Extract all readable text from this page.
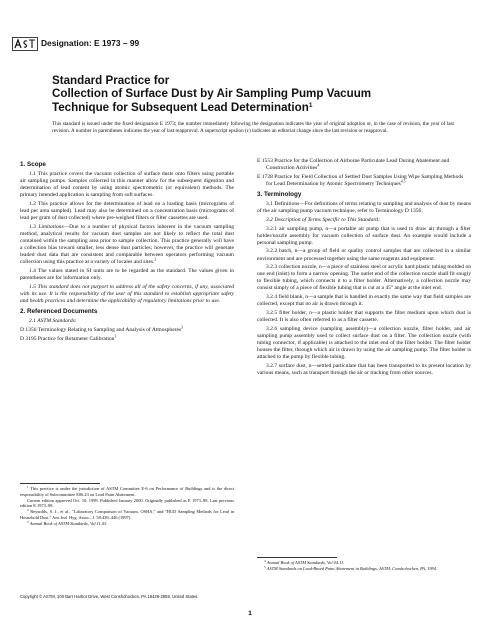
Designation: E 1973 – 99
Standard Practice for
Collection of Surface Dust by Air Sampling Pump Vacuum
Technique for Subsequent Lead Determination$^1$
This standard is issued under the fixed designation E 1973; the number immediately following the designation indicates the year of original adoption or, in the case of revision, the year of last revision. A number in parentheses indicates the year of last reapproval. A superscript epsilon (ε) indicates an editorial change since the last revision or reapproval.
1. Scope

1.1 This practice covers the vacuum collection of surface dusts onto filters using portable air sampling pumps. Samples collected in this manner allow for the subsequent digestion and determination of lead content by using atomic spectrometric (or equivalent) methods. The primary intended application is sampling from soft surfaces.

1.2 This practice allows for the determination of lead on a loading basis (micrograms of lead per area sampled). Lead may also be determined on a concentration basis (micrograms of lead per gram of dust collected) where pre-weighed filters or filter cassettes are used.

1.3 Limitations—Due to a number of physical factors inherent in the vacuum sampling method, analytical results for vacuum dust samples are not likely to reflect the total dust contained within the sampling area prior to sample collection. This practice generally will have a collection bias toward smaller, less dense dust particles; however, the practice will generate leaded dust data that are consistent and comparable between operators performing vacuum collection using this practice at a variety of locales and sites.$^2$

1.4 The values stated in SI units are to be regarded as the standard. The values given in parentheses are for information only.

1.5 This standard does not purport to address all of the safety concerns, if any, associated with its use. It is the responsibility of the user of this standard to establish appropriate safety and health practices and determine the applicability of regulatory limitations prior to use.

2. Referenced Documents

2.1 ASTM Standards:

D 1356 Terminology Relating to Sampling and Analysis of Atmospheres$^3$

D 3195 Practice for Rotameter Calibration$^3$

$^1$ This practice is under the jurisdiction of ASTM Committee E-6 on Performance of Buildings and is the direct responsibility of Subcommittee E06.23 on Lead Paint Abatement.

Current edition approved Oct. 10, 1999. Published January 2000. Originally published as E 1973–98. Last previous edition E 1973–98.

$^2$ Reynolds, S. J., et al., "Laboratory Comparison of Vacuum, OSHA," and "HUD Sampling Methods for Lead in Household Dust." Am. Ind. Hyg. Assoc., J. 58:439–446 (1997).

$^3$ Annual Book of ASTM Standards, Vol 11.03.

E 1553 Practice for the Collection of Airborne Particulate Lead During Abatement and Construction Activities$^4$

E 1728 Practice for Field Collection of Settled Dust Samples Using Wipe Sampling Methods for Lead Determination by Atomic Spectrometry Techniques$^{4,5}$

3. Terminology

3.1 Definitions—For definitions of terms relating to sampling and analysis of dust by means of the air sampling pump vacuum technique, refer to Terminology D 1356.

3.2 Description of Terms Specific to This Standard:

3.2.1 air sampling pump, n—a portable air pump that is used to draw air through a filter holder/nozzle assembly for vacuum collection of surface dust. An example would include a personal sampling pump.

3.2.2 batch, n—a group of field or quality control samples that are collected in a similar environment and are processed together using the same reagents and equipment.

3.2.3 collection nozzle, n—a piece of stainless steel or acrylic hard plastic tubing molded on one end (inlet) to form a narrow opening. The outlet end of the collection nozzle shall fit snugly to flexible tubing, which connects it to a filter holder. Alternatively, a collection nozzle may consist simply of a piece of flexible tubing that is cut at a 45° angle at the inlet end.

3.2.4 field blank, n—a sample that is handled in exactly the same way that field samples are collected, except that no air is drawn through it.

3.2.5 filter holder, n—a plastic holder that supports the filter medium upon which dust is collected. It is also often referred to as a filter cassette.

3.2.6 sampling device (sampling assembly)—a collection nozzle, filter holder, and air sampling pump assembly used to collect surface dust on a filter. The collection nozzle (with tubing connector, if applicable) is attached to the inlet end of the filter holder. The filter holder houses the filter, through which air is drawn by using the air sampling pump. The filter holder is attached to the pump by flexible tubing.

3.2.7 surface dust, n—settled particulate that has been transported to its present location by various means, such as transport through the air or tracking from other sources.

$^4$ Annual Book of ASTM Standards, Vol 04.11.

$^5$ ASTM Standards on Lead-Based Paint Abatement in Buildings, ASTM, Conshohocken, PA, 1994.

Copyright © ASTM, 100 Barr Harbor Drive, West Conshohocken, PA 19428-2959, United States.
1
